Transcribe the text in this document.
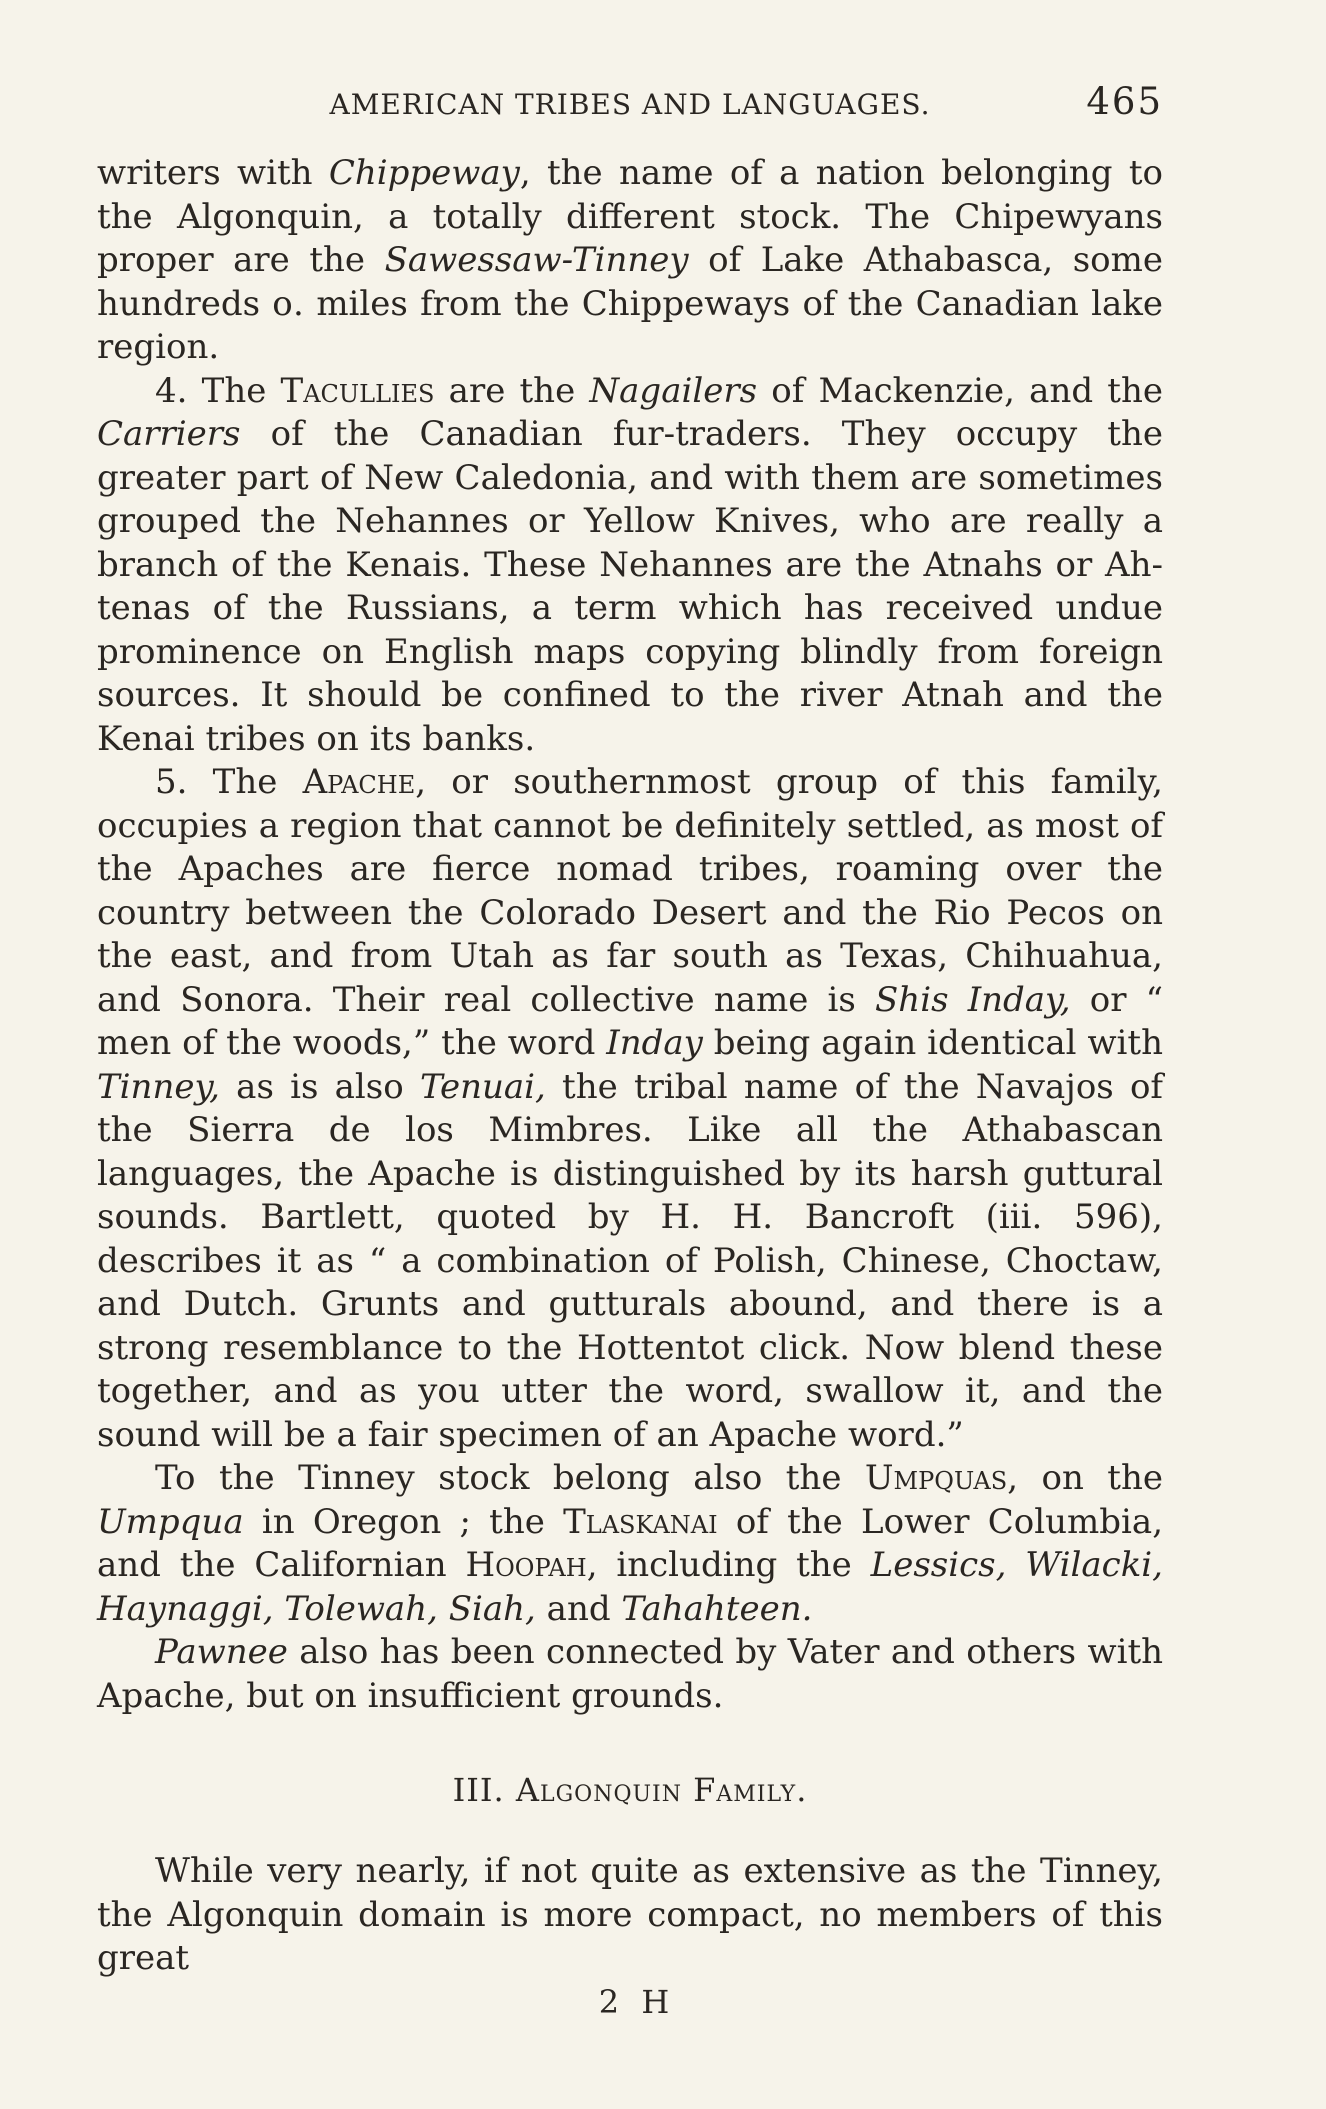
AMERICAN TRIBES AND LANGUAGES.	465

writers with Chippeway, the name of a nation belonging to the Algonquin, a totally different stock. The Chipewyans proper are the Sawessaw-Tinney of Lake Athabasca, some hundreds o․ miles from the Chippeways of the Canadian lake region.

4. The Tacullies are the Nagailers of Mackenzie, and the Carriers of the Canadian fur-traders. They occupy the greater part of New Caledonia, and with them are sometimes grouped the Nehannes or Yellow Knives, who are really a branch of the Kenais. These Nehannes are the Atnahs or Ah-tenas of the Russians, a term which has received undue prominence on English maps copying blindly from foreign sources. It should be confined to the river Atnah and the Kenai tribes on its banks.

5. The Apache, or southernmost group of this family, occupies a region that cannot be definitely settled, as most of the Apaches are fierce nomad tribes, roaming over the country between the Colorado Desert and the Rio Pecos on the east, and from Utah as far south as Texas, Chihuahua, and Sonora. Their real collective name is Shis Inday, or “ men of the woods,” the word Inday being again identical with Tinney, as is also Tenuai, the tribal name of the Navajos of the Sierra de los Mimbres. Like all the Athabascan languages, the Apache is distinguished by its harsh guttural sounds. Bartlett, quoted by H. H. Bancroft (iii. 596), describes it as “ a combination of Polish, Chinese, Choctaw, and Dutch. Grunts and gutturals abound, and there is a strong resemblance to the Hottentot click. Now blend these together, and as you utter the word, swallow it, and the sound will be a fair specimen of an Apache word.”

To the Tinney stock belong also the Umpquas, on the Umpqua in Oregon ; the Tlaskanai of the Lower Columbia, and the Californian Hoopah, including the Lessics, Wilacki, Haynaggi, Tolewah, Siah, and Tahahteen.

Pawnee also has been connected by Vater and others with Apache, but on insufficient grounds.

III. Algonquin Family.

While very nearly, if not quite as extensive as the Tinney, the Algonquin domain is more compact, no members of this great

2 H
